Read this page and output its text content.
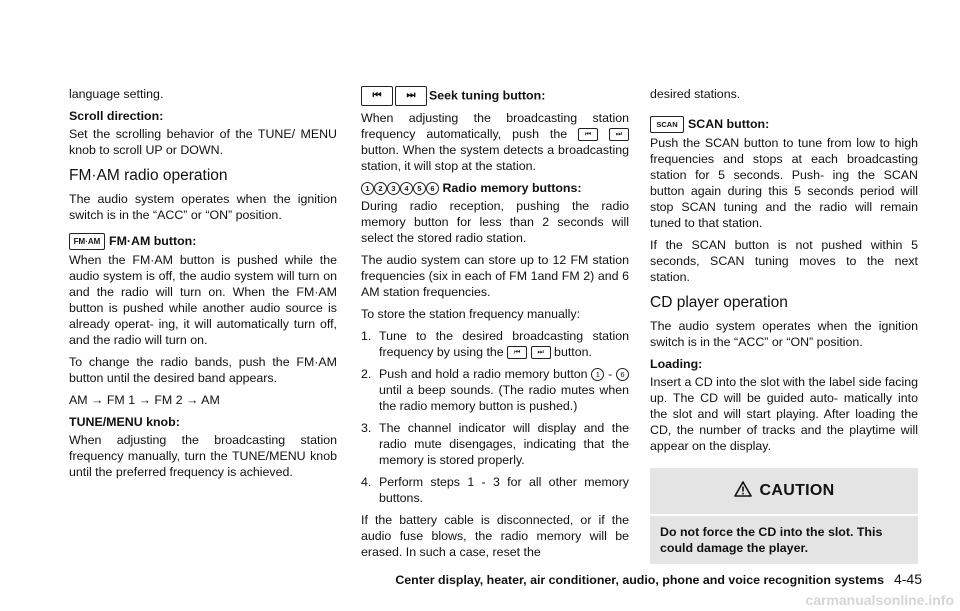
language setting.

Scroll direction:

Set the scrolling behavior of the TUNE/ MENU knob to scroll UP or DOWN.

FM·AM radio operation

The audio system operates when the ignition switch is in the “ACC” or “ON” position.

FM·AM FM·AM button:

When the FM·AM button is pushed while the audio system is off, the audio system will turn on and the radio will turn on. When the FM·AM button is pushed while another audio source is already operat- ing, it will automatically turn off, and the radio will turn on.

To change the radio bands, push the FM·AM button until the desired band appears.

AM → FM 1 → FM 2 → AM

TUNE/MENU knob:

When adjusting the broadcasting station frequency manually, turn the TUNE/MENU knob until the preferred frequency is achieved.

⏮	⏭ Seek tuning button:

When adjusting the broadcasting station frequency automatically, push the	⏮	⏭ button. When the system detects a broadcasting station, it will stop at the station.

1 2 3 4 5 6 Radio memory buttons:

During radio reception, pushing the radio memory button for less than 2 seconds will select the stored radio station.

The audio system can store up to 12 FM station frequencies (six in each of FM 1and FM 2) and 6 AM station frequencies.

To store the station frequency manually:

1. Tune to the desired broadcasting station frequency by using the ⏮ ⏭ button.
2. Push and hold a radio memory button 1 - 6 until a beep sounds. (The radio mutes when the radio memory button is pushed.)
3. The channel indicator will display and the radio mute disengages, indicating that the memory is stored properly.
4. Perform steps 1 - 3 for all other memory buttons.

If the battery cable is disconnected, or if the audio fuse blows, the radio memory will be erased. In such a case, reset the

desired stations.

SCAN SCAN button:

Push the SCAN button to tune from low to high frequencies and stops at each broadcasting station for 5 seconds. Push- ing the SCAN button again during this 5 seconds period will stop SCAN tuning and the radio will remain tuned to that station.

If the SCAN button is not pushed within 5 seconds, SCAN tuning moves to the next station.

CD player operation

The audio system operates when the ignition switch is in the “ACC” or “ON” position.

Loading:

Insert a CD into the slot with the label side facing up. The CD will be guided auto- matically into the slot and will start playing. After loading the CD, the number of tracks and the playtime will appear on the display.

CAUTION
Do not force the CD into the slot. This could damage the player.
Center display, heater, air conditioner, audio, phone and voice recognition systems 4-45
carmanualsonline.info
